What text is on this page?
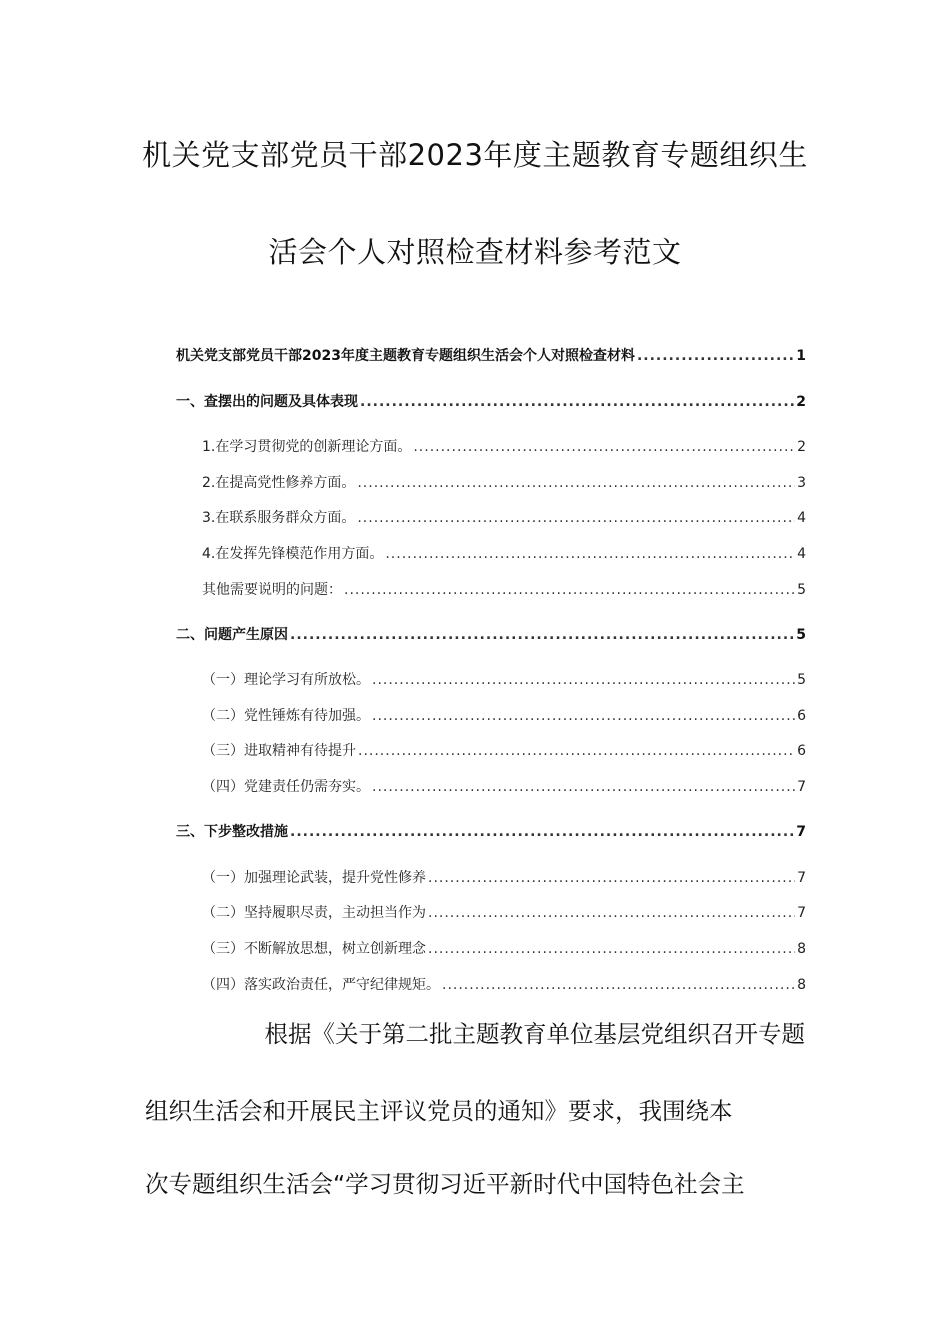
机关党支部党员干部2023年度主题教育专题组织生
活会个人对照检查材料参考范文
机关党支部党员干部2023年度主题教育专题组织生活会个人对照检查材料 .....	1
一、查摆出的问题及具体表现 .....	2
1.在学习贯彻党的创新理论方面。 .....	2
2.在提高党性修养方面。 .....	3
3.在联系服务群众方面。 .....	4
4.在发挥先锋模范作用方面。 .....	4
其他需要说明的问题： .....	5
二、问题产生原因 .....	5
（一）理论学习有所放松。 .....	5
（二）党性锤炼有待加强。 .....	6
（三）进取精神有待提升 .....	6
（四）党建责任仍需夯实。 .....	7
三、下步整改措施 .....	7
（一）加强理论武装，提升党性修养 .....	7
（二）坚持履职尽责，主动担当作为 .....	7
（三）不断解放思想，树立创新理念 .....	8
（四）落实政治责任，严守纪律规矩。 .....	8
根据《关于第二批主题教育单位基层党组织召开专题
组织生活会和开展民主评议党员的通知》要求，我围绕本
次专题组织生活会“学习贯彻习近平新时代中国特色社会主
